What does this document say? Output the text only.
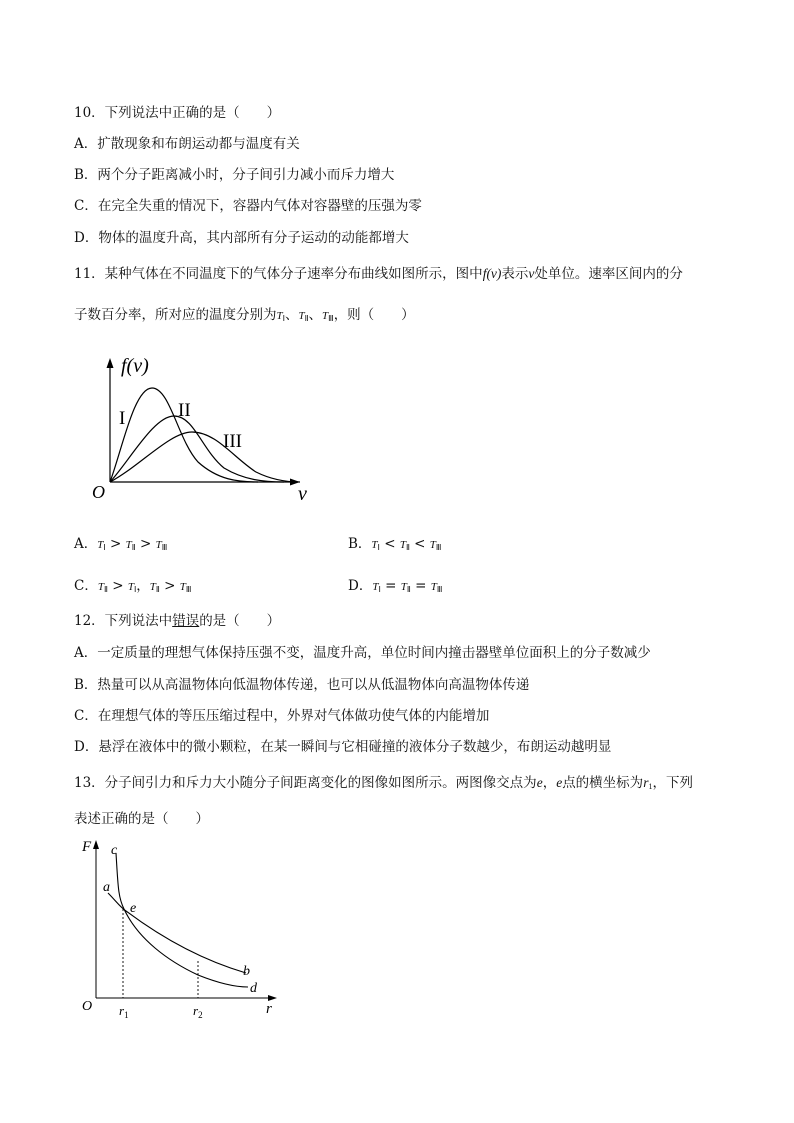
10．下列说法中正确的是（　　）
A．扩散现象和布朗运动都与温度有关
B．两个分子距离减小时，分子间引力减小而斥力增大
C．在完全失重的情况下，容器内气体对容器壁的压强为零
D．物体的温度升高，其内部所有分子运动的动能都增大
11．某种气体在不同温度下的气体分子速率分布曲线如图所示，图中f(v)表示v处单位。速率区间内的分
子数百分率，所对应的温度分别为$T_Ⅰ$、$T_Ⅱ$、$T_Ⅲ$，则（　　）
f(v)
v
O
I	II
III
A．$T_Ⅰ > T_Ⅱ > T_Ⅲ$	B．$T_Ⅰ < T_Ⅱ < T_Ⅲ$
C．$T_Ⅱ > T_Ⅰ$，$T_Ⅱ > T_Ⅲ$	D．$T_Ⅰ = T_Ⅱ = T_Ⅲ$
12．下列说法中错误的是（　　）
A．一定质量的理想气体保持压强不变，温度升高，单位时间内撞击器壁单位面积上的分子数减少
B．热量可以从高温物体向低温物体传递，也可以从低温物体向高温物体传递
C．在理想气体的等压压缩过程中，外界对气体做功使气体的内能增加
D．悬浮在液体中的微小颗粒，在某一瞬间与它相碰撞的液体分子数越少，布朗运动越明显
13．分子间引力和斥力大小随分子间距离变化的图像如图所示。两图像交点为e，e点的横坐标为$r_1$，下列
表述正确的是（　　）
F
r
O
c
a
e
b
d
$r_1$	$r_2$
